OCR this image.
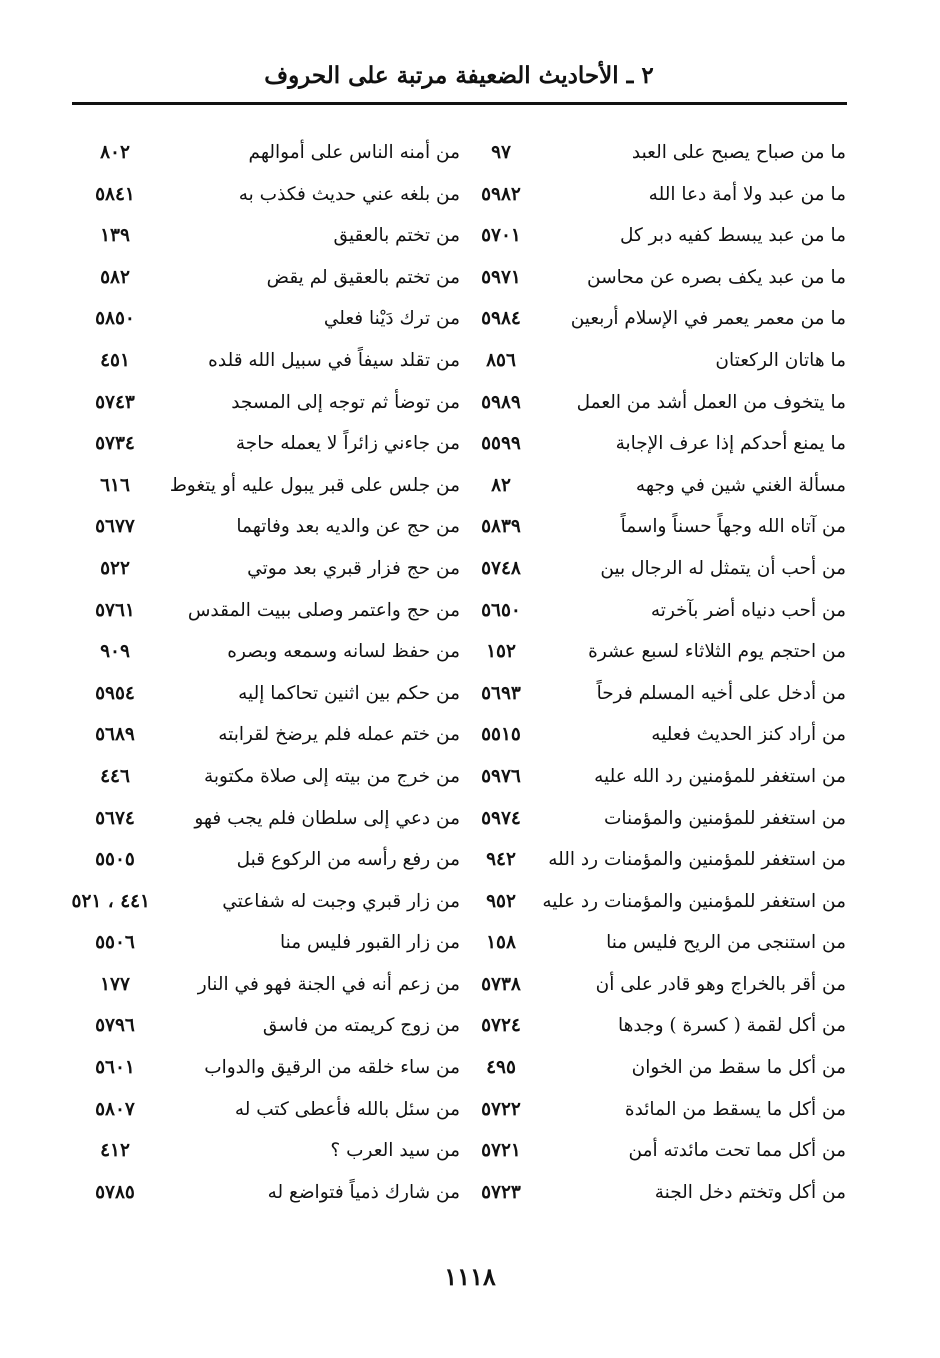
٢ ـ الأحاديث الضعيفة مرتبة على الحروف
ما من صباح يصبح على العبد
٩٧
ما من عبد ولا أمة دعا الله
٥٩٨٢
ما من عبد يبسط كفيه دبر كل
٥٧٠١
ما من عبد يكف بصره عن محاسن
٥٩٧١
ما من معمر يعمر في الإسلام أربعين
٥٩٨٤
ما هاتان الركعتان
٨٥٦
ما يتخوف من العمل أشد من العمل
٥٩٨٩
ما يمنع أحدكم إذا عرف الإجابة
٥٥٩٩
مسألة الغني شين في وجهه
٨٢
من آتاه الله وجهاً حسناً واسماً
٥٨٣٩
من أحب أن يتمثل له الرجال بين
٥٧٤٨
من أحب دنياه أضر بآخرته
٥٦٥٠
من احتجم يوم الثلاثاء لسبع عشرة
١٥٢
من أدخل على أخيه المسلم فرحاً
٥٦٩٣
من أراد كنز الحديث فعليه
٥٥١٥
من استغفر للمؤمنين رد الله عليه
٥٩٧٦
من استغفر للمؤمنين والمؤمنات
٥٩٧٤
من استغفر للمؤمنين والمؤمنات رد الله
٩٤٢
من استغفر للمؤمنين والمؤمنات رد عليه
٩٥٢
من استنجى من الريح فليس منا
١٥٨
من أقر بالخراج وهو قادر على أن
٥٧٣٨
من أكل لقمة ( كسرة ) وجدها
٥٧٢٤
من أكل ما سقط من الخوان
٤٩٥
من أكل ما يسقط من المائدة
٥٧٢٢
من أكل مما تحت مائدته أمن
٥٧٢١
من أكل وتختم دخل الجنة
٥٧٢٣
من أمنه الناس على أموالهم
٨٠٢
من بلغه عني حديث فكذب به
٥٨٤١
من تختم بالعقيق
١٣٩
من تختم بالعقيق لم يقض
٥٨٢
من ترك دَيْنا فعلي
٥٨٥٠
من تقلد سيفاً في سبيل الله قلده
٤٥١
من توضأ ثم توجه إلى المسجد
٥٧٤٣
من جاءني زائراً لا يعمله حاجة
٥٧٣٤
من جلس على قبر يبول عليه أو يتغوط
٦١٦
من حج عن والديه بعد وفاتهما
٥٦٧٧
من حج فزار قبري بعد موتي
٥٢٢
من حج واعتمر وصلى ببيت المقدس
٥٧٦١
من حفظ لسانه وسمعه وبصره
٩٠٩
من حكم بين اثنين تحاكما إليه
٥٩٥٤
من ختم عمله فلم يرضخ لقرابته
٥٦٨٩
من خرج من بيته إلى صلاة مكتوبة
٤٤٦
من دعي إلى سلطان فلم يجب فهو
٥٦٧٤
من رفع رأسه من الركوع قبل
٥٥٠٥
من زار قبري وجبت له شفاعتي
٤٤١ ، ٥٢١
من زار القبور فليس منا
٥٥٠٦
من زعم أنه في الجنة فهو في النار
١٧٧
من زوج كريمته من فاسق
٥٧٩٦
من ساء خلقه من الرقيق والدواب
٥٦٠١
من سئل بالله فأعطى كتب له
٥٨٠٧
من سيد العرب ؟
٤١٢
من شارك ذمياً فتواضع له
٥٧٨٥
١١١٨
